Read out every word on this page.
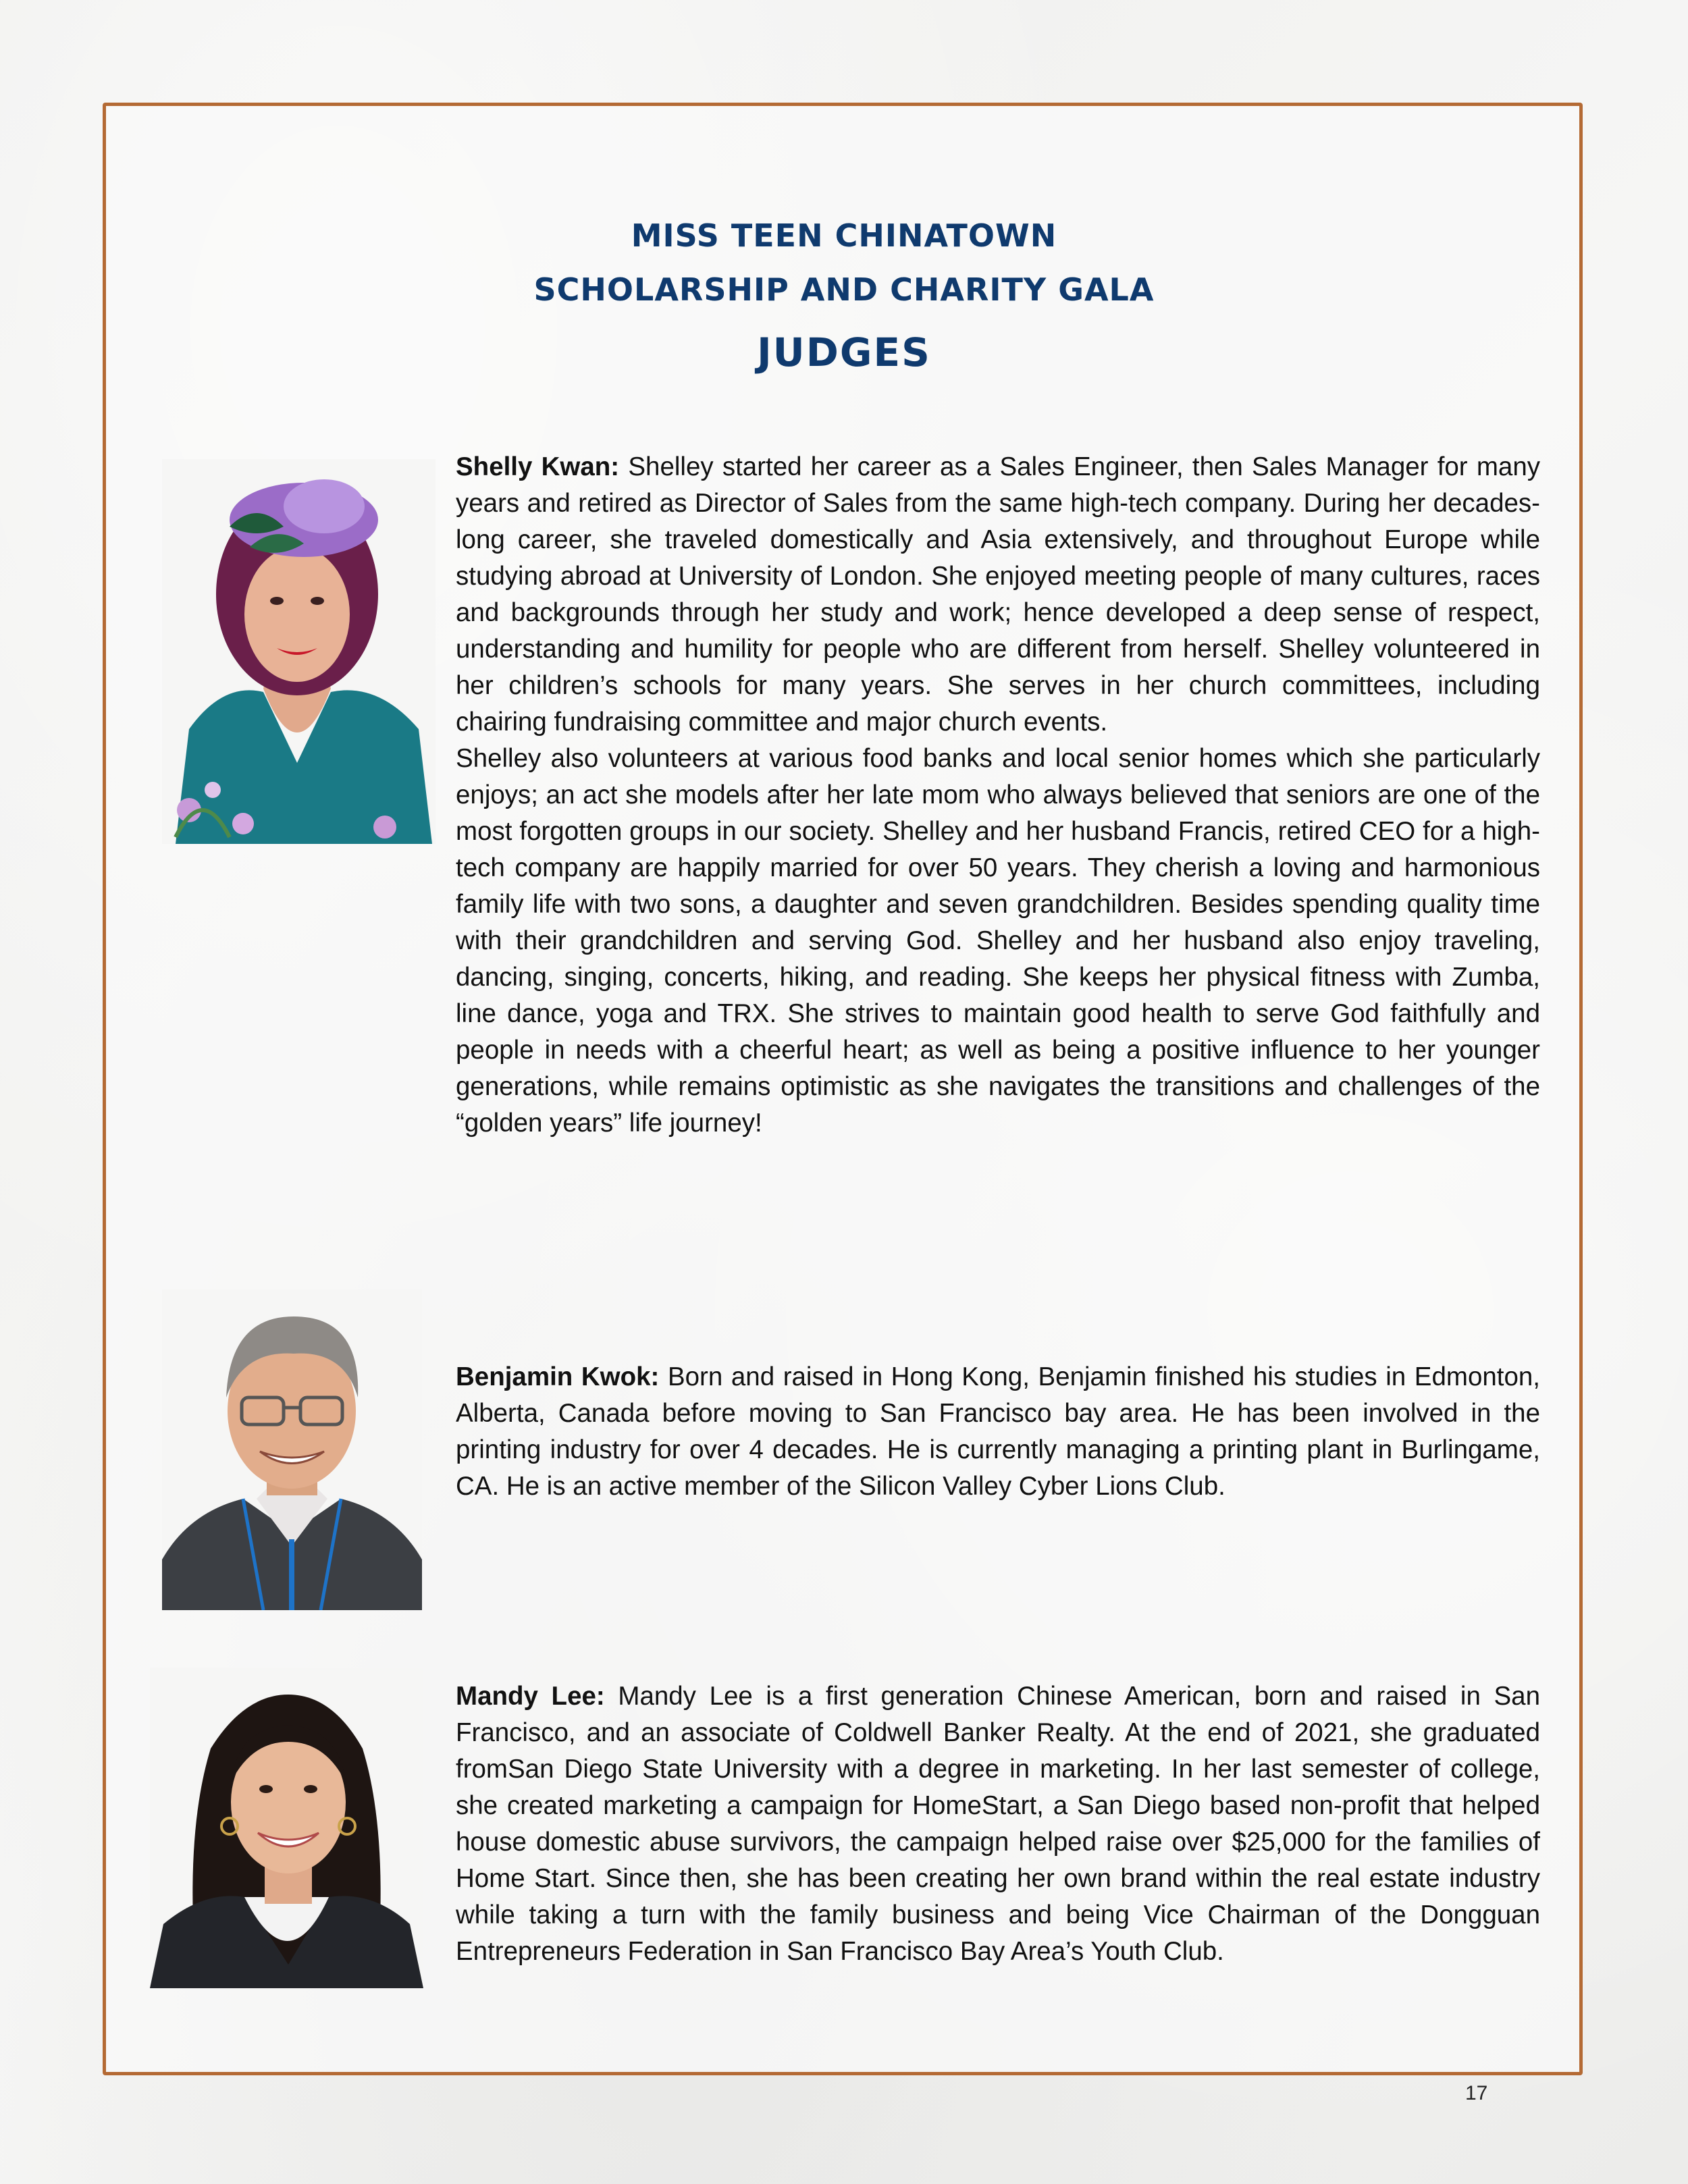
MISS TEEN CHINATOWN
SCHOLARSHIP AND CHARITY GALA
JUDGES

Shelly Kwan: Shelley started her career as a Sales Engineer, then Sales Manager for many years and retired as Director of Sales from the same high-tech company. During her decades-long career, she traveled domestically and Asia extensively, and throughout Europe while studying abroad at University of London. She enjoyed meeting people of many cultures, races and backgrounds through her study and work; hence developed a deep sense of respect, understanding and humility for people who are different from herself. Shelley volunteered in her children’s schools for many years. She serves in her church committees, including chairing fundraising committee and major church events.

Shelley also volunteers at various food banks and local senior homes which she particularly enjoys; an act she models after her late mom who always believed that seniors are one of the most forgotten groups in our society. Shelley and her husband Francis, retired CEO for a high-tech company are happily married for over 50 years. They cherish a loving and harmonious family life with two sons, a daughter and seven grandchildren. Besides spending quality time with their grandchildren and serving God. Shelley and her husband also enjoy traveling, dancing, singing, concerts, hiking, and reading. She keeps her physical fitness with Zumba, line dance, yoga and TRX. She strives to maintain good health to serve God faithfully and people in needs with a cheerful heart; as well as being a positive influence to her younger generations, while remains optimistic as she navigates the transitions and challenges of the “golden years” life journey!

Benjamin Kwok: Born and raised in Hong Kong, Benjamin finished his studies in Edmonton, Alberta, Canada before moving to San Francisco bay area. He has been involved in the printing industry for over 4 decades. He is currently managing a printing plant in Burlingame, CA. He is an active member of the Silicon Valley Cyber Lions Club.

Mandy Lee: Mandy Lee is a first generation Chinese American, born and raised in San Francisco, and an associate of Coldwell Banker Realty. At the end of 2021, she graduated fromSan Diego State University with a degree in marketing. In her last semester of college, she created marketing a campaign for HomeStart, a San Diego based non-profit that helped house domestic abuse survivors, the campaign helped raise over $25,000 for the families of Home Start. Since then, she has been creating her own brand within the real estate industry while taking a turn with the family business and being Vice Chairman of the Dongguan Entrepreneurs Federation in San Francisco Bay Area’s Youth Club.

17
